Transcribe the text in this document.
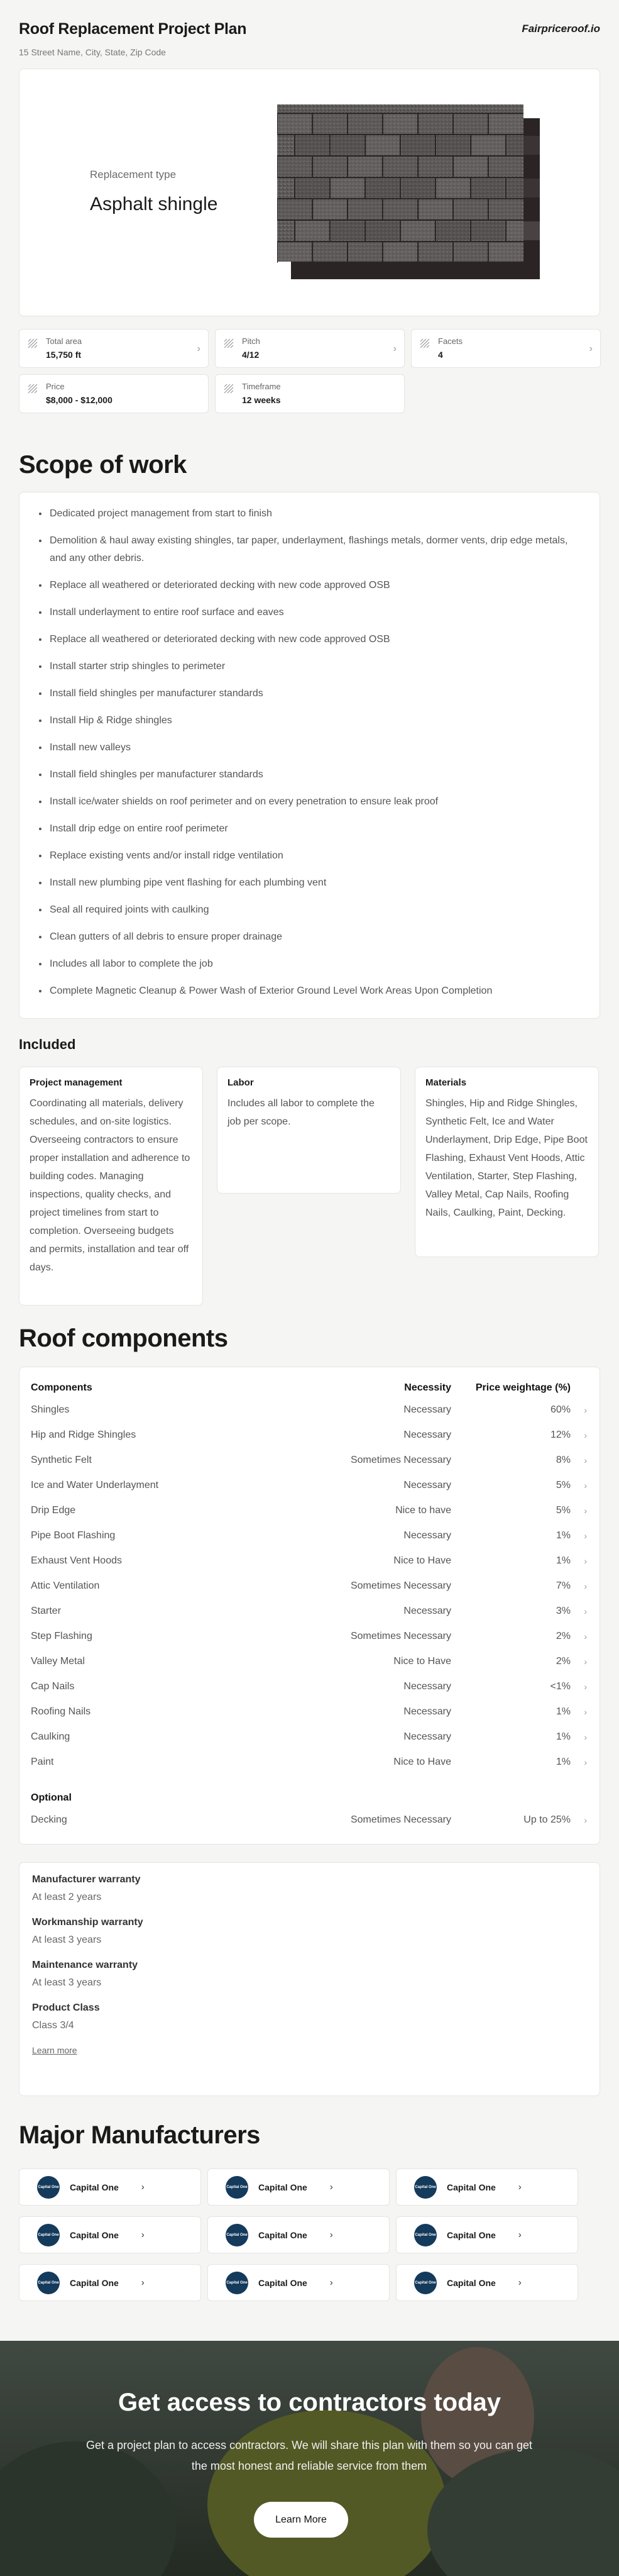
Roof Replacement Project Plan	Fairpriceroof.io
15 Street Name, City, State, Zip Code
Replacement type
Asphalt shingle
Total area
15,750 ft
›
Pitch
4/12
›
Facets
4
›
Price
$8,000 - $12,000
Timeframe
12 weeks
Scope of work
• Dedicated project management from start to finish
• Demolition & haul away existing shingles, tar paper, underlayment, flashings metals, dormer vents, drip edge metals, and any other debris.
• Replace all weathered or deteriorated decking with new code approved OSB
• Install underlayment to entire roof surface and eaves
• Replace all weathered or deteriorated decking with new code approved OSB
• Install starter strip shingles to perimeter
• Install field shingles per manufacturer standards
• Install Hip & Ridge shingles
• Install new valleys
• Install field shingles per manufacturer standards
• Install ice/water shields on roof perimeter and on every penetration to ensure leak proof
• Install drip edge on entire roof perimeter
• Replace existing vents and/or install ridge ventilation
• Install new plumbing pipe vent flashing for each plumbing vent
• Seal all required joints with caulking
• Clean gutters of all debris to ensure proper drainage
• Includes all labor to complete the job
• Complete Magnetic Cleanup & Power Wash of Exterior Ground Level Work Areas Upon Completion
Included
Project management
Coordinating all materials, delivery schedules, and on-site logistics. Overseeing contractors to ensure proper installation and adherence to building codes. Managing inspections, quality checks, and project timelines from start to completion. Overseeing budgets and permits, installation and tear off days.
Labor
Includes all labor to complete the job per scope.
Materials
Shingles, Hip and Ridge Shingles, Synthetic Felt, Ice and Water Underlayment, Drip Edge, Pipe Boot Flashing, Exhaust Vent Hoods, Attic Ventilation, Starter, Step Flashing, Valley Metal, Cap Nails, Roofing Nails, Caulking, Paint, Decking.
Roof components
Components	Necessity	Price weightage (%)
Shingles	Necessary	60%	›
Hip and Ridge Shingles	Necessary	12%	›
Synthetic Felt	Sometimes Necessary	8%	›
Ice and Water Underlayment	Necessary	5%	›
Drip Edge	Nice to have	5%	›
Pipe Boot Flashing	Necessary	1%	›
Exhaust Vent Hoods	Nice to Have	1%	›
Attic Ventilation	Sometimes Necessary	7%	›
Starter	Necessary	3%	›
Step Flashing	Sometimes Necessary	2%	›
Valley Metal	Nice to Have	2%	›
Cap Nails	Necessary	<1%	›
Roofing Nails	Necessary	1%	›
Caulking	Necessary	1%	›
Paint	Nice to Have	1%	›
Optional
Decking	Sometimes Necessary	Up to 25%	›
Manufacturer warranty
At least 2 years
Workmanship warranty
At least 3 years
Maintenance warranty
At least 3 years
Product Class
Class 3/4
Learn more
Major Manufacturers
Capital One Capital One ›	Capital One Capital One ›	Capital One Capital One ›
Capital One Capital One ›	Capital One Capital One ›	Capital One Capital One ›
Capital One Capital One ›	Capital One Capital One ›	Capital One Capital One ›
Get access to contractors today
Get a project plan to access contractors. We will share this plan with them so you can get the most honest and reliable service from them
Learn More
